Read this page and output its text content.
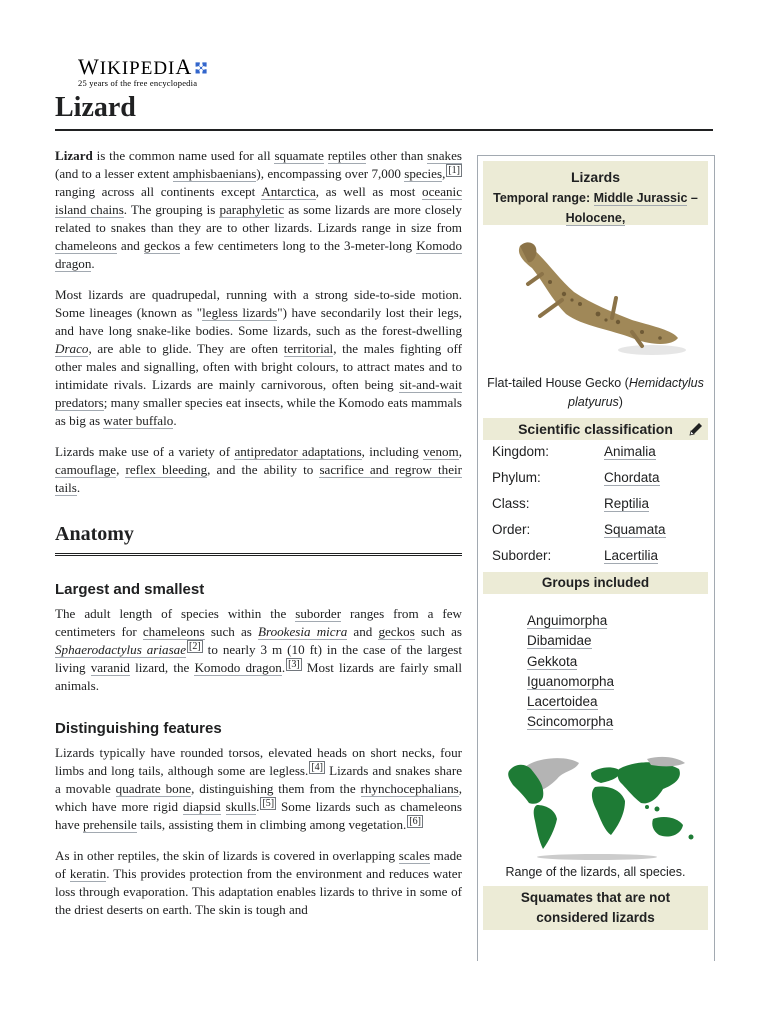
WIKIPEDIA
25 years of the free encyclopedia
Lizard

Lizard is the common name used for all squamate reptiles other than snakes (and to a lesser extent amphisbaenians), encompassing over 7,000 species, [1] ranging across all continents except Antarctica, as well as most oceanic island chains. The grouping is paraphyletic as some lizards are more closely related to snakes than they are to other lizards. Lizards range in size from chameleons and geckos a few centimeters long to the 3-meter-long Komodo dragon.

Most lizards are quadrupedal, running with a strong side-to-side motion. Some lineages (known as "legless lizards") have secondarily lost their legs, and have long snake-like bodies. Some lizards, such as the forest-dwelling Draco, are able to glide. They are often territorial, the males fighting off other males and signalling, often with bright colours, to attract mates and to intimidate rivals. Lizards are mainly carnivorous, often being sit-and-wait predators; many smaller species eat insects, while the Komodo eats mammals as big as water buffalo.

Lizards make use of a variety of antipredator adaptations, including venom, camouflage, reflex bleeding, and the ability to sacrifice and regrow their tails.

Anatomy
Largest and smallest

The adult length of species within the suborder ranges from a few centimeters for chameleons such as Brookesia micra and geckos such as Sphaerodactylus ariasae [2] to nearly 3 m (10 ft) in the case of the largest living varanid lizard, the Komodo dragon. [3] Most lizards are fairly small animals.

Distinguishing features

Lizards typically have rounded torsos, elevated heads on short necks, four limbs and long tails, although some are legless. [4] Lizards and snakes share a movable quadrate bone, distinguishing them from the rhynchocephalians, which have more rigid diapsid skulls. [5] Some lizards such as chameleons have prehensile tails, assisting them in climbing among vegetation. [6]

As in other reptiles, the skin of lizards is covered in overlapping scales made of keratin. This provides protection from the environment and reduces water loss through evaporation. This adaptation enables lizards to thrive in some of the driest deserts on earth. The skin is tough and

Lizards
Temporal range: Middle Jurassic –
Holocene,
Flat-tailed House Gecko (Hemidactylus platyurus)
Scientific classification
Kingdom:	Animalia
Phylum:	Chordata
Class:	Reptilia
Order:	Squamata
Suborder:	Lacertilia
Groups included
Anguimorpha
Dibamidae
Gekkota
Iguanomorpha
Lacertoidea
Scincomorpha
Range of the lizards, all species.
Squamates that are not considered lizards
